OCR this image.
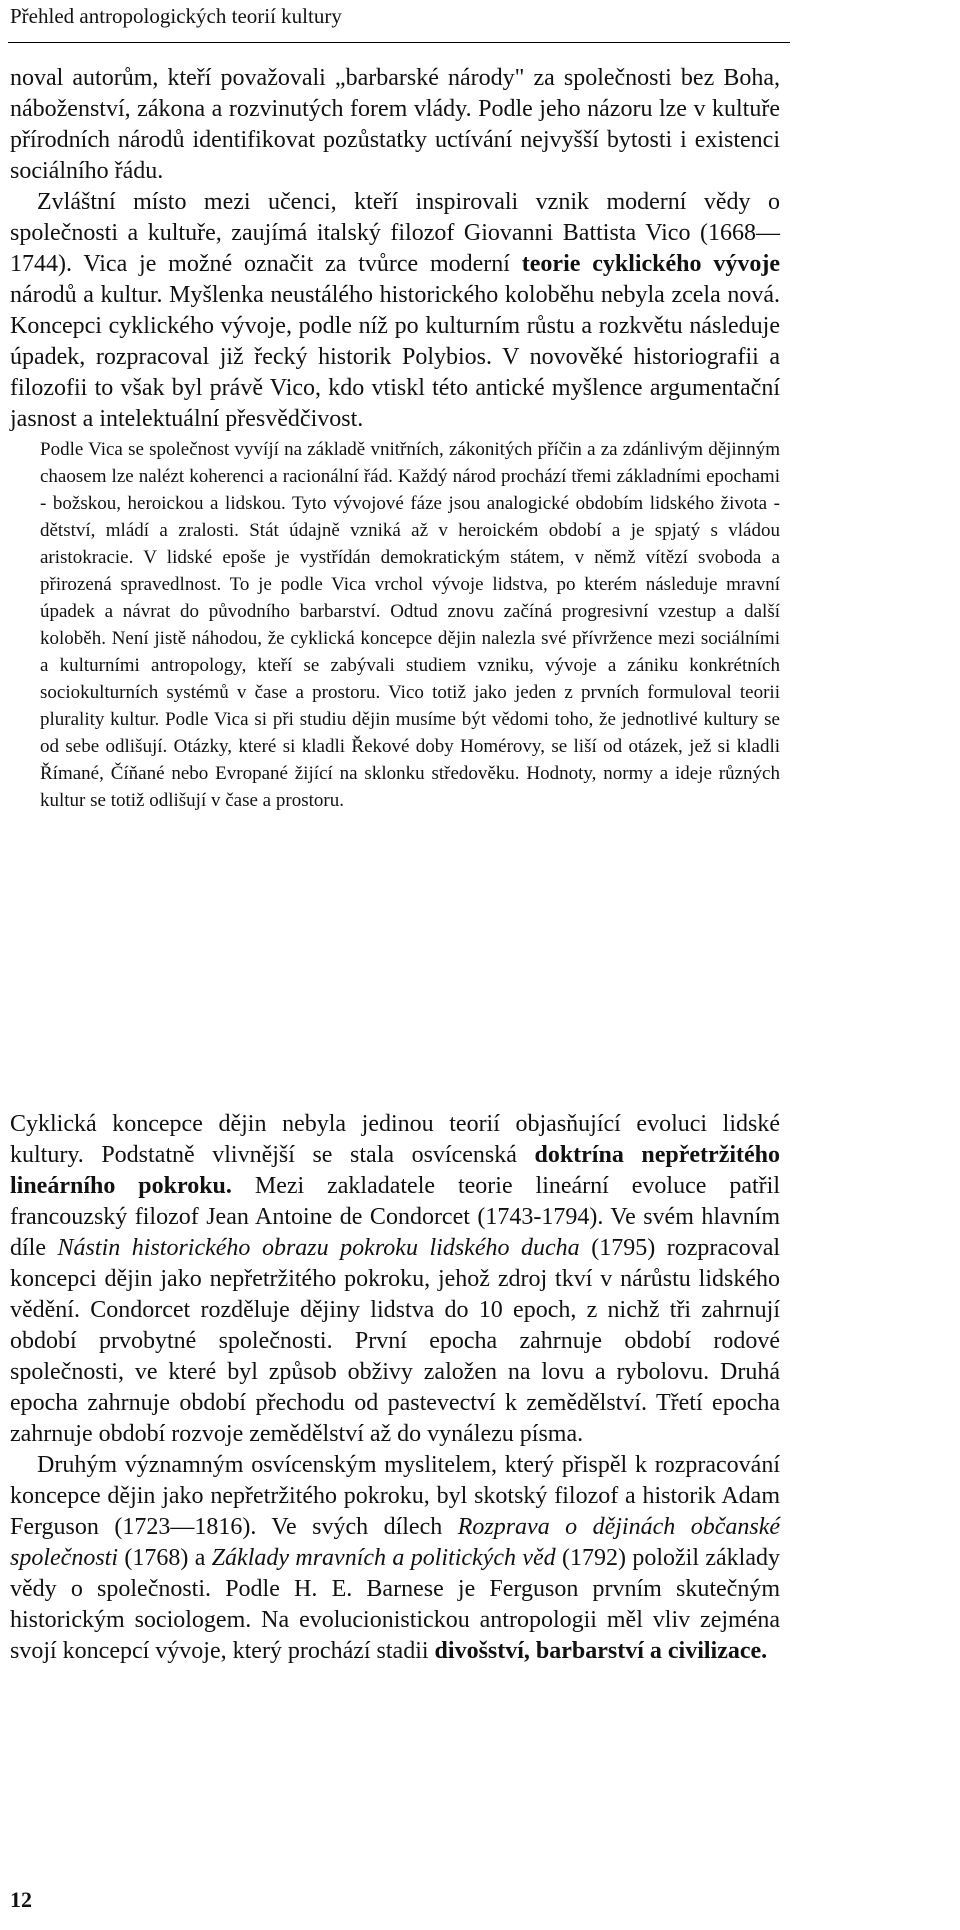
Přehled antropologických teorií kultury

noval autorům, kteří považovali „barbarské národy" za společnosti bez Boha, náboženství, zákona a rozvinutých forem vlády. Podle jeho názoru lze v kultuře přírodních národů identifikovat pozůstatky uctívání nejvyšší bytosti i existenci sociálního řádu.

Zvláštní místo mezi učenci, kteří inspirovali vznik moderní vědy o společnosti a kultuře, zaujímá italský filozof Giovanni Battista Vico (1668—1744). Vica je možné označit za tvůrce moderní teorie cyklického vývoje národů a kultur. Myšlenka neustálého historického koloběhu nebyla zcela nová. Koncepci cyklického vývoje, podle níž po kulturním růstu a rozkvětu následuje úpadek, rozpracoval již řecký historik Polybios. V novověké historiografii a filozofii to však byl právě Vico, kdo vtiskl této antické myšlence argumentační jasnost a intelektuální přesvědčivost.

Podle Vica se společnost vyvíjí na základě vnitřních, zákonitých příčin a za zdánlivým dějinným chaosem lze nalézt koherenci a racionální řád. Každý národ prochází třemi základními epochami - božskou, heroickou a lidskou. Tyto vývojové fáze jsou analogické obdobím lidského života - dětství, mládí a zralosti. Stát údajně vzniká až v heroickém období a je spjatý s vládou aristokracie. V lidské epoše je vystřídán demokratickým státem, v němž vítězí svoboda a přirozená spravedlnost. To je podle Vica vrchol vývoje lidstva, po kterém následuje mravní úpadek a návrat do původního barbarství. Odtud znovu začíná progresivní vzestup a další koloběh. Není jistě náhodou, že cyklická koncepce dějin nalezla své přívržence mezi sociálními a kulturními antropology, kteří se zabývali studiem vzniku, vývoje a zániku konkrétních sociokulturních systémů v čase a prostoru. Vico totiž jako jeden z prvních formuloval teorii plurality kultur. Podle Vica si při studiu dějin musíme být vědomi toho, že jednotlivé kultury se od sebe odlišují. Otázky, které si kladli Řekové doby Homérovy, se liší od otázek, jež si kladli Římané, Číňané nebo Evropané žijící na sklonku středověku. Hodnoty, normy a ideje různých kultur se totiž odlišují v čase a prostoru.

Cyklická koncepce dějin nebyla jedinou teorií objasňující evoluci lidské kultury. Podstatně vlivnější se stala osvícenská doktrína nepřetržitého lineárního pokroku. Mezi zakladatele teorie lineární evoluce patřil francouzský filozof Jean Antoine de Condorcet (1743-1794). Ve svém hlavním díle Nástin historického obrazu pokroku lidského ducha (1795) rozpracoval koncepci dějin jako nepřetržitého pokroku, jehož zdroj tkví v nárůstu lidského vědění. Condorcet rozděluje dějiny lidstva do 10 epoch, z nichž tři zahrnují období prvobytné společnosti. První epocha zahrnuje období rodové společnosti, ve které byl způsob obživy založen na lovu a rybolovu. Druhá epocha zahrnuje období přechodu od pastevectví k zemědělství. Třetí epocha zahrnuje období rozvoje zemědělství až do vynálezu písma.

Druhým významným osvícenským myslitelem, který přispěl k rozpracování koncepce dějin jako nepřetržitého pokroku, byl skotský filozof a historik Adam Ferguson (1723—1816). Ve svých dílech Rozprava o dějinách občanské společnosti (1768) a Základy mravních a politických věd (1792) položil základy vědy o společnosti. Podle H. E. Barnese je Ferguson prvním skutečným historickým sociologem. Na evolucionistickou antropologii měl vliv zejména svojí koncepcí vývoje, který prochází stadii divošství, barbarství a civilizace.

12
